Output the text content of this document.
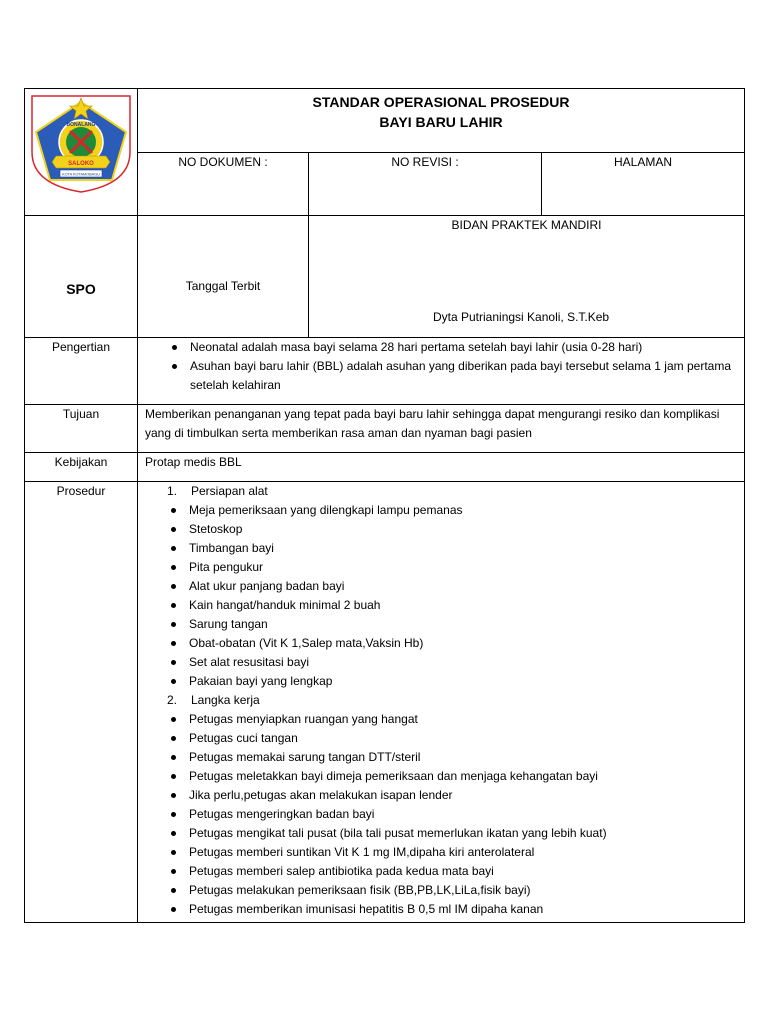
BONALANG
SALOKO
KOTA KOTAMOBAGU
STANDAR OPERASIONAL PROSEDUR
BAYI BARU LAHIR
NO DOKUMEN :	NO REVISI :	HALAMAN
SPO	Tanggal Terbit
BIDAN PRAKTEK MANDIRI
Dyta Putrianingsi Kanoli, S.T.Keb
Pengertian	Neonatal adalah masa bayi selama 28 hari pertama setelah bayi lahir (usia 0-28 hari)
Asuhan bayi baru lahir (BBL) adalah asuhan yang diberikan pada bayi tersebut selama 1 jam pertama setelah kelahiran
Tujuan	Memberikan penanganan yang tepat pada bayi baru lahir sehingga dapat mengurangi resiko dan komplikasi yang di timbulkan serta memberikan rasa aman dan nyaman bagi pasien
Kebijakan	Protap medis BBL
Prosedur	1. Persiapan alat
Meja pemeriksaan yang dilengkapi lampu pemanas
Stetoskop
Timbangan bayi
Pita pengukur
Alat ukur panjang badan bayi
Kain hangat/handuk minimal 2 buah
Sarung tangan
Obat-obatan (Vit K 1,Salep mata,Vaksin Hb)
Set alat resusitasi bayi
Pakaian bayi yang lengkap
2. Langka kerja
Petugas menyiapkan ruangan yang hangat
Petugas cuci tangan
Petugas memakai sarung tangan DTT/steril
Petugas meletakkan bayi dimeja pemeriksaan dan menjaga kehangatan bayi
Jika perlu,petugas akan melakukan isapan lender
Petugas mengeringkan badan bayi
Petugas mengikat tali pusat (bila tali pusat memerlukan ikatan yang lebih kuat)
Petugas memberi suntikan Vit K 1 mg IM,dipaha kiri anterolateral
Petugas memberi salep antibiotika pada kedua mata bayi
Petugas melakukan pemeriksaan fisik (BB,PB,LK,LiLa,fisik bayi)
Petugas memberikan imunisasi hepatitis B 0,5 ml IM dipaha kanan
